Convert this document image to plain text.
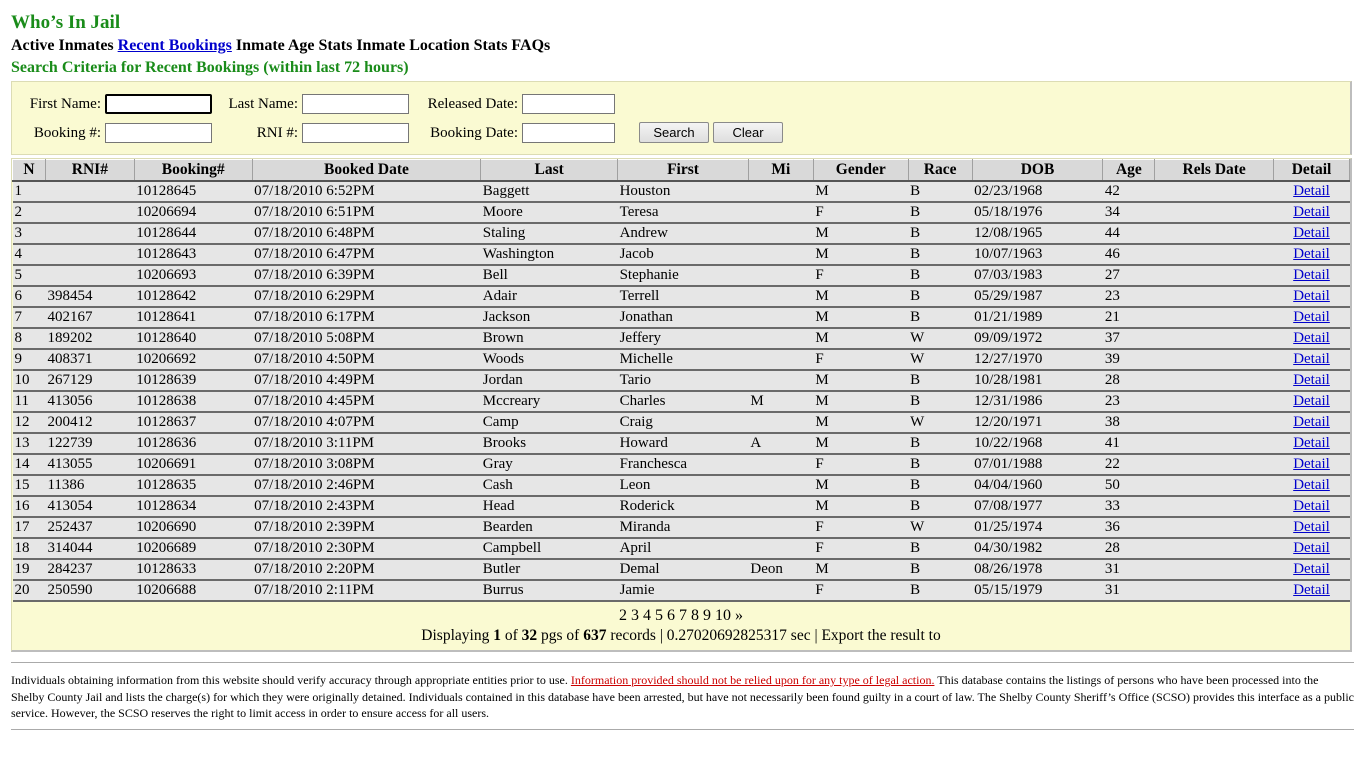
Who’s In Jail
Active Inmates Recent Bookings Inmate Age Stats Inmate Location Stats FAQs
Search Criteria for Recent Bookings (within last 72 hours)
First Name:	Last Name:	Released Date:
Booking #:	RNI #:	Booking Date:	Search	Clear
N	RNI#	Booking#	Booked Date	Last	First	Mi	Gender	Race	DOB	Age	Rels Date	Detail
1		10128645	07/18/2010 6:52PM	Baggett	Houston		M	B	02/23/1968	42		Detail
2		10206694	07/18/2010 6:51PM	Moore	Teresa		F	B	05/18/1976	34		Detail
3		10128644	07/18/2010 6:48PM	Staling	Andrew		M	B	12/08/1965	44		Detail
4		10128643	07/18/2010 6:47PM	Washington	Jacob		M	B	10/07/1963	46		Detail
5		10206693	07/18/2010 6:39PM	Bell	Stephanie		F	B	07/03/1983	27		Detail
6	398454	10128642	07/18/2010 6:29PM	Adair	Terrell		M	B	05/29/1987	23		Detail
7	402167	10128641	07/18/2010 6:17PM	Jackson	Jonathan		M	B	01/21/1989	21		Detail
8	189202	10128640	07/18/2010 5:08PM	Brown	Jeffery		M	W	09/09/1972	37		Detail
9	408371	10206692	07/18/2010 4:50PM	Woods	Michelle		F	W	12/27/1970	39		Detail
10	267129	10128639	07/18/2010 4:49PM	Jordan	Tario		M	B	10/28/1981	28		Detail
11	413056	10128638	07/18/2010 4:45PM	Mccreary	Charles	M	M	B	12/31/1986	23		Detail
12	200412	10128637	07/18/2010 4:07PM	Camp	Craig		M	W	12/20/1971	38		Detail
13	122739	10128636	07/18/2010 3:11PM	Brooks	Howard	A	M	B	10/22/1968	41		Detail
14	413055	10206691	07/18/2010 3:08PM	Gray	Franchesca		F	B	07/01/1988	22		Detail
15	11386	10128635	07/18/2010 2:46PM	Cash	Leon		M	B	04/04/1960	50		Detail
16	413054	10128634	07/18/2010 2:43PM	Head	Roderick		M	B	07/08/1977	33		Detail
17	252437	10206690	07/18/2010 2:39PM	Bearden	Miranda		F	W	01/25/1974	36		Detail
18	314044	10206689	07/18/2010 2:30PM	Campbell	April		F	B	04/30/1982	28		Detail
19	284237	10128633	07/18/2010 2:20PM	Butler	Demal	Deon	M	B	08/26/1978	31		Detail
20	250590	10206688	07/18/2010 2:11PM	Burrus	Jamie		F	B	05/15/1979	31		Detail
2 3 4 5 6 7 8 9 10 »
Displaying 1 of 32 pgs of 637 records | 0.27020692825317 sec | Export the result to
Individuals obtaining information from this website should verify accuracy through appropriate entities prior to use. Information provided should not be relied upon for any type of legal action. This database contains the listings of persons who have been processed into the Shelby County Jail and lists the charge(s) for which they were originally detained. Individuals contained in this database have been arrested, but have not necessarily been found guilty in a court of law. The Shelby County Sheriff’s Office (SCSO) provides this interface as a public service. However, the SCSO reserves the right to limit access in order to ensure access for all users.
